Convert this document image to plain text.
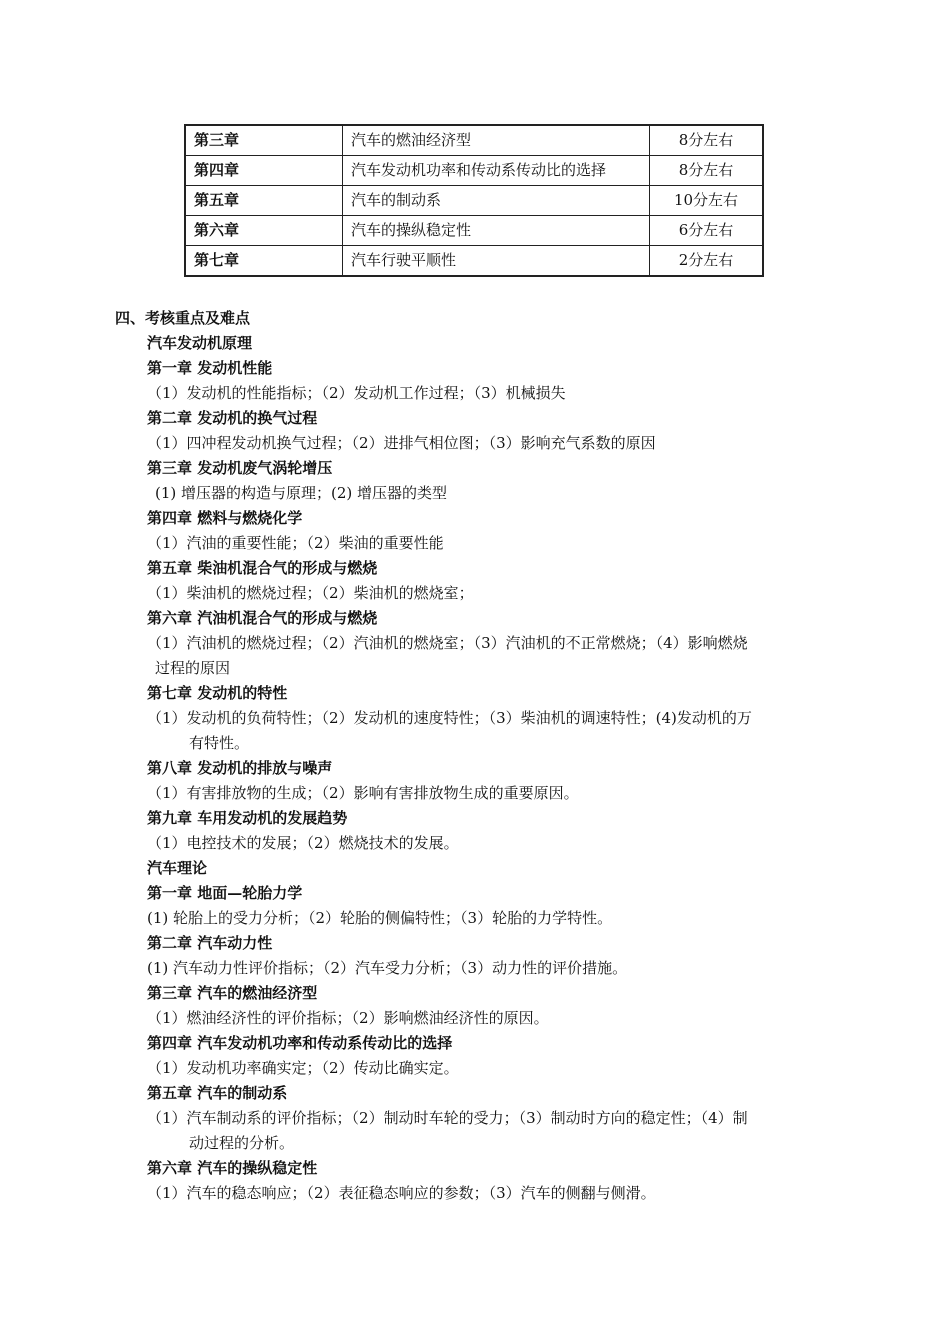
第三章	汽车的燃油经济型	8分左右
第四章	汽车发动机功率和传动系传动比的选择	8分左右
第五章	汽车的制动系	10分左右
第六章	汽车的操纵稳定性	6分左右
第七章	汽车行驶平顺性	2分左右
四、考核重点及难点
汽车发动机原理
第一章 发动机性能
（1）发动机的性能指标；（2）发动机工作过程；（3）机械损失
第二章 发动机的换气过程
（1）四冲程发动机换气过程；（2）进排气相位图；（3）影响充气系数的原因
第三章 发动机废气涡轮增压
(1) 增压器的构造与原理；(2) 增压器的类型
第四章 燃料与燃烧化学
（1）汽油的重要性能；（2）柴油的重要性能
第五章 柴油机混合气的形成与燃烧
（1）柴油机的燃烧过程；（2）柴油机的燃烧室；
第六章 汽油机混合气的形成与燃烧
（1）汽油机的燃烧过程；（2）汽油机的燃烧室；（3）汽油机的不正常燃烧；（4）影响燃烧
过程的原因
第七章 发动机的特性
（1）发动机的负荷特性；（2）发动机的速度特性；（3）柴油机的调速特性；(4)发动机的万
有特性。
第八章 发动机的排放与噪声
（1）有害排放物的生成；（2）影响有害排放物生成的重要原因。
第九章 车用发动机的发展趋势
（1）电控技术的发展；（2）燃烧技术的发展。
汽车理论
第一章 地面—轮胎力学
(1) 轮胎上的受力分析；（2）轮胎的侧偏特性；（3）轮胎的力学特性。
第二章 汽车动力性
(1) 汽车动力性评价指标；（2）汽车受力分析；（3）动力性的评价措施。
第三章 汽车的燃油经济型
（1）燃油经济性的评价指标；（2）影响燃油经济性的原因。
第四章 汽车发动机功率和传动系传动比的选择
（1）发动机功率确实定；（2）传动比确实定。
第五章 汽车的制动系
（1）汽车制动系的评价指标；（2）制动时车轮的受力；（3）制动时方向的稳定性；（4）制
动过程的分析。
第六章 汽车的操纵稳定性
（1）汽车的稳态响应；（2）表征稳态响应的参数；（3）汽车的侧翻与侧滑。
